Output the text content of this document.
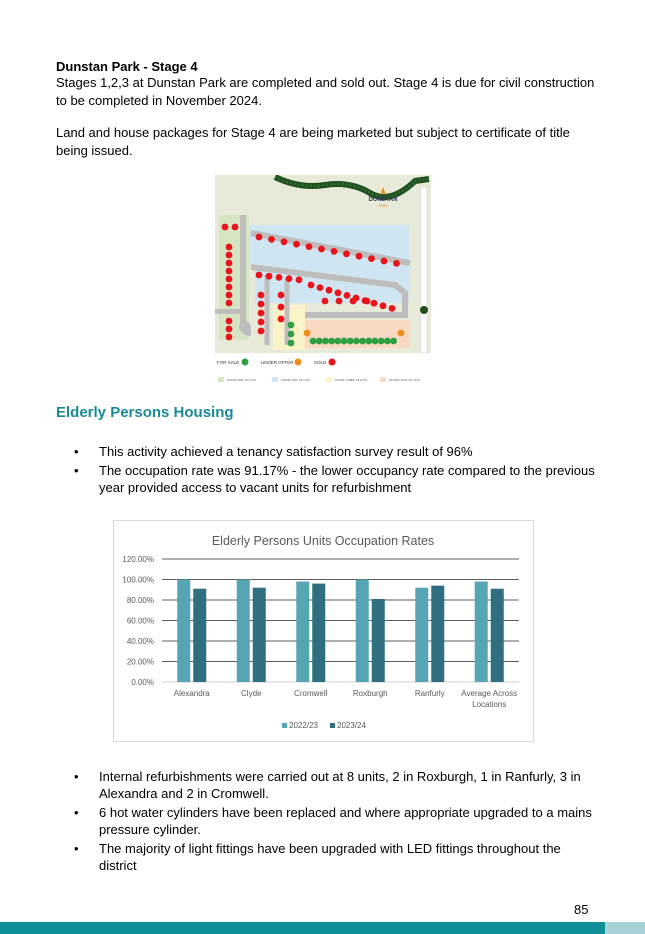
Dunstan Park - Stage 4
Stages 1,2,3 at Dunstan Park are completed and sold out. Stage 4 is due for civil construction to be completed in November 2024.
Land and house packages for Stage 4 are being marketed but subject to certificate of title being issued.
DUNSTAN
PARK
FOR SALE	UNDER OFFER	SOLD
STAGE ONE: 26 LOTS	STAGE TWO: 26 LOTS	STAGE THREE: 19 LOTS	STAGE FOUR: 22 LOTS
Elderly Persons Housing
• This activity achieved a tenancy satisfaction survey result of 96%
• The occupation rate was 91.17% - the lower occupancy rate compared to the previous year provided access to vacant units for refurbishment
Elderly Persons Units Occupation Rates
0.00%
20.00%
40.00%
60.00%
80.00%
100.00%
120.00%
Alexandra	Clyde	Cromwell	Roxburgh	Ranfurly Average Across
Locations
2022/23 2023/24
• Internal refurbishments were carried out at 8 units, 2 in Roxburgh, 1 in Ranfurly, 3 in Alexandra and 2 in Cromwell.
• 6 hot water cylinders have been replaced and where appropriate upgraded to a mains pressure cylinder.
• The majority of light fittings have been upgraded with LED fittings throughout the district
85
